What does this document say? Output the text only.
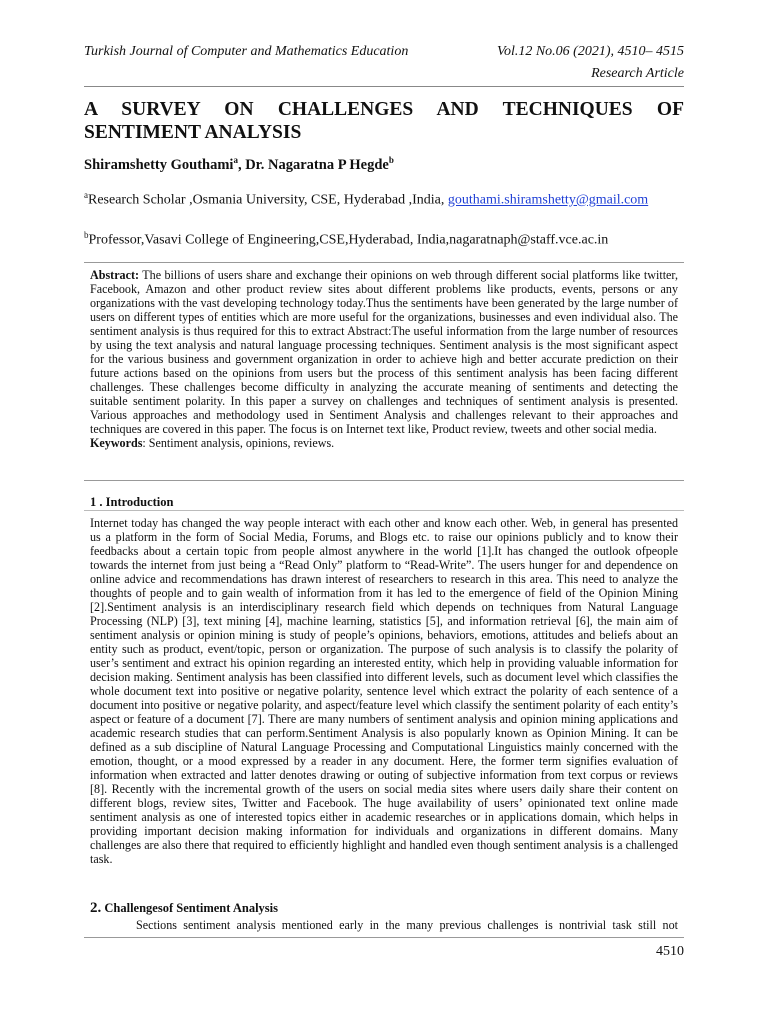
Turkish Journal of Computer and Mathematics Education	Vol.12 No.06 (2021), 4510– 4515
Research Article
A SURVEY ON CHALLENGES AND TECHNIQUES OF SENTIMENT ANALYSIS
Shiramshetty Gouthami$^a$, Dr. Nagaratna P Hegde$^b$
$^a$Research Scholar ,Osmania University, CSE, Hyderabad ,India, gouthami.shiramshetty@gmail.com
$^b$Professor,Vasavi College of Engineering,CSE,Hyderabad, India,nagaratnaph@staff.vce.ac.in

Abstract: The billions of users share and exchange their opinions on web through different social platforms like twitter, Facebook, Amazon and other product review sites about different problems like products, events, persons or any organizations with the vast developing technology today.Thus the sentiments have been generated by the large number of users on different types of entities which are more useful for the organizations, businesses and even individual also. The sentiment analysis is thus required for this to extract Abstract:The useful information from the large number of resources by using the text analysis and natural language processing techniques. Sentiment analysis is the most significant aspect for the various business and government organization in order to achieve high and better accurate prediction on their future actions based on the opinions from users but the process of this sentiment analysis has been facing different challenges. These challenges become difficulty in analyzing the accurate meaning of sentiments and detecting the suitable sentiment polarity. In this paper a survey on challenges and techniques of sentiment analysis is presented. Various approaches and methodology used in Sentiment Analysis and challenges relevant to their approaches and techniques are covered in this paper. The focus is on Internet text like, Product review, tweets and other social media.

Keywords: Sentiment analysis, opinions, reviews.

1 . Introduction

Internet today has changed the way people interact with each other and know each other. Web, in general has presented us a platform in the form of Social Media, Forums, and Blogs etc. to raise our opinions publicly and to know their feedbacks about a certain topic from people almost anywhere in the world [1].It has changed the outlook ofpeople towards the internet from just being a “Read Only” platform to “Read-Write”. The users hunger for and dependence on online advice and recommendations has drawn interest of researchers to research in this area. This need to analyze the thoughts of people and to gain wealth of information from it has led to the emergence of field of the Opinion Mining [2].Sentiment analysis is an interdisciplinary research field which depends on techniques from Natural Language Processing (NLP) [3], text mining [4], machine learning, statistics [5], and information retrieval [6], the main aim of sentiment analysis or opinion mining is study of people’s opinions, behaviors, emotions, attitudes and beliefs about an entity such as product, event/topic, person or organization. The purpose of such analysis is to classify the polarity of user’s sentiment and extract his opinion regarding an interested entity, which help in providing valuable information for decision making. Sentiment analysis has been classified into different levels, such as document level which classifies the whole document text into positive or negative polarity, sentence level which extract the polarity of each sentence of a document into positive or negative polarity, and aspect/feature level which classify the sentiment polarity of each entity’s aspect or feature of a document [7]. There are many numbers of sentiment analysis and opinion mining applications and academic research studies that can perform.Sentiment Analysis is also popularly known as Opinion Mining. It can be defined as a sub discipline of Natural Language Processing and Computational Linguistics mainly concerned with the emotion, thought, or a mood expressed by a reader in any document. Here, the former term signifies evaluation of information when extracted and latter denotes drawing or outing of subjective information from text corpus or reviews [8]. Recently with the incremental growth of the users on social media sites where users daily share their content on different blogs, review sites, Twitter and Facebook. The huge availability of users’ opinionated text online made sentiment analysis as one of interested topics either in academic researches or in applications domain, which helps in providing important decision making information for individuals and organizations in different domains. Many challenges are also there that required to efficiently highlight and handled even though sentiment analysis is a challenged task.

2. Challengesof Sentiment Analysis

Sections sentiment analysis mentioned early in the many previous challenges is nontrivial task still not

4510
